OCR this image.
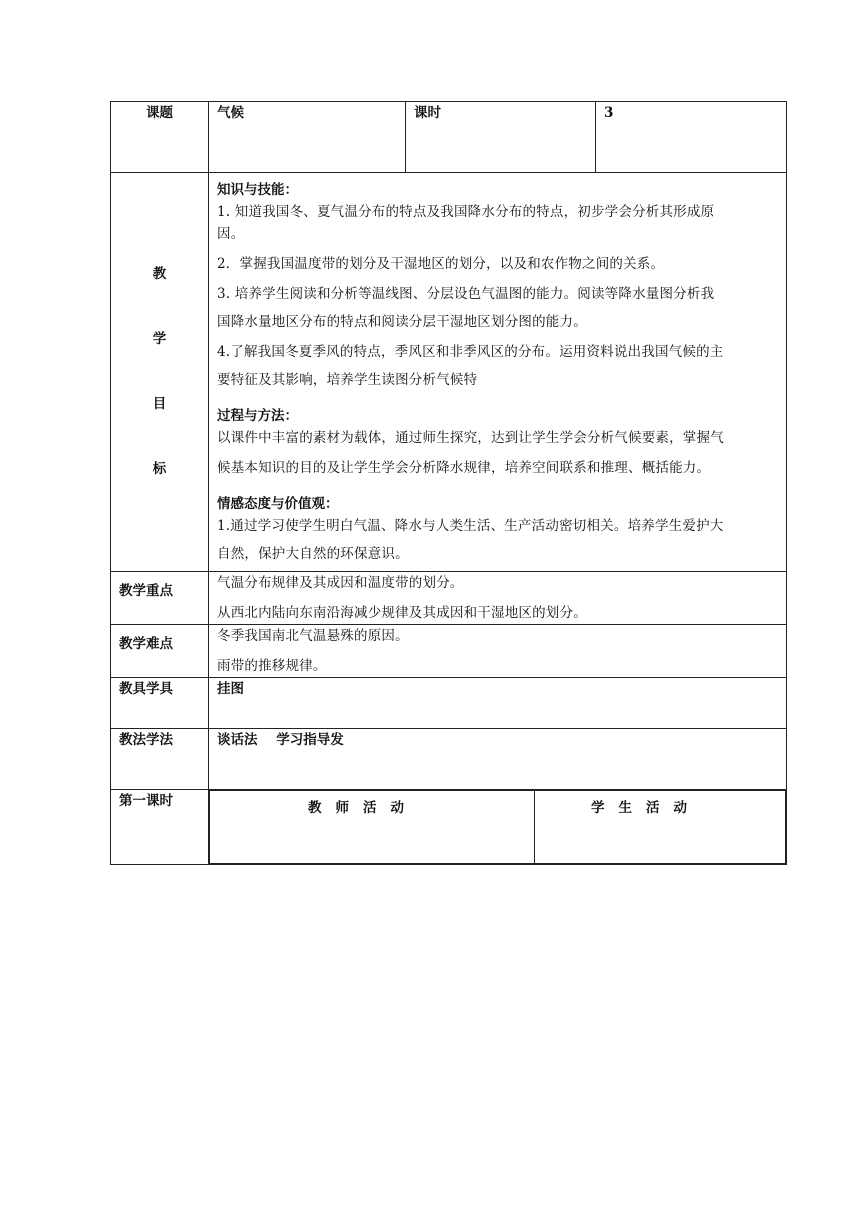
课题	气候	课时	3

教
学
目
标

知识与技能：
1. 知道我国冬、夏气温分布的特点及我国降水分布的特点，初步学会分析其形成原
因。
2．掌握我国温度带的划分及干湿地区的划分，以及和农作物之间的关系。
3. 培养学生阅读和分析等温线图、分层设色气温图的能力。阅读等降水量图分析我
国降水量地区分布的特点和阅读分层干湿地区划分图的能力。
4.了解我国冬夏季风的特点，季风区和非季风区的分布。运用资料说出我国气候的主
要特征及其影响，培养学生读图分析气候特
过程与方法：
以课件中丰富的素材为载体，通过师生探究，达到让学生学会分析气候要素，掌握气
候基本知识的目的及让学生学会分析降水规律，培养空间联系和推理、概括能力。
情感态度与价值观：
1.通过学习使学生明白气温、降水与人类生活、生产活动密切相关。培养学生爱护大
自然，保护大自然的环保意识。

教学重点	气温分布规律及其成因和温度带的划分。
从西北内陆向东南沿海减少规律及其成因和干湿地区的划分。

教学难点	冬季我国南北气温悬殊的原因。
雨带的推移规律。

教具学具	挂图
教法学法	谈话法    学习指导发
第一课时		教师活动	学生活动
